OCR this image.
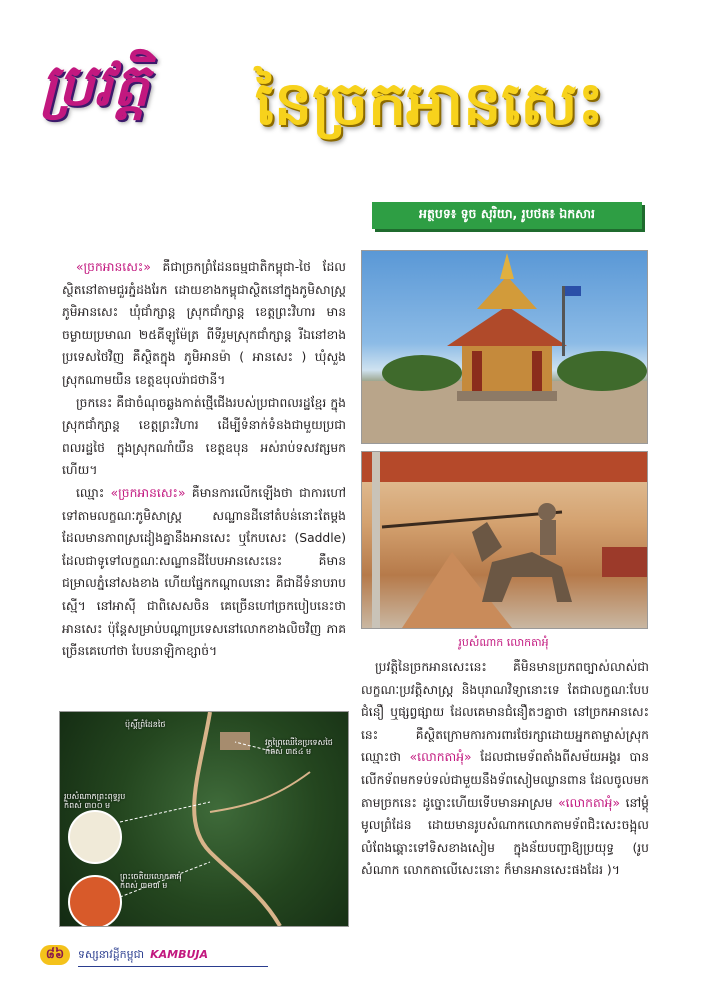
ប្រវត្តិ នៃច្រកអានសេះ
អត្ថបទ៖ ទូច សុរិយា, រូបថត៖ ឯកសារ

«ច្រកអានសេះ» គឺជាច្រកព្រំដែនធម្មជាតិកម្ពុជា-ថៃ ដែលស្ថិតនៅតាមជួរភ្នំដងរែក ដោយខាងកម្ពុជាស្ថិតនៅក្នុងភូមិសាស្ត្រ ភូមិអានសេះ ឃុំជាំក្សាន្ត ស្រុកជាំក្សាន្ត ខេត្តព្រះវិហារ មានចម្ងាយប្រមាណ ២៥គីឡូម៉ែត្រ ពីទីរួមស្រុកជាំក្សាន្ត រីឯនៅខាងប្រទេសថៃវិញ គឺស្ថិតក្នុង ភូមិអានម៉ា ( អានសេះ ) ឃុំសួង ស្រុកណាមយឺន ខេត្តឧបុលរ៉ាជថានី។

ច្រកនេះ គឺជាចំណុចឆ្លងកាត់ថ្មើជើងរបស់ប្រជាពលរដ្ឋខ្មែរ ក្នុងស្រុកជាំក្សាន្ត ខេត្តព្រះវិហារ ដើម្បីទំនាក់ទំនងជាមួយប្រជាពលរដ្ឋថៃ ក្នុងស្រុកណាំយឺន ខេត្តឧបុន អស់រាប់ទសវត្សមកហើយ។

ឈ្មោះ «ច្រកអានសេះ» គឺមានការលើកឡើងថា ជាការហៅទៅតាមលក្ខណៈភូមិសាស្ត្រ សណ្ឋានដីនៅតំបន់នោះតែម្តង ដែលមានភាពស្រដៀងគ្នានឹងអានសេះ ឬកែបសេះ (Saddle) ដែលជាទូទៅលក្ខណៈសណ្ឋានដីបែបអានសេះនេះ គឺមានជម្រាលភ្នំនៅសងខាង ហើយផ្នែកកណ្តាលនោះ គឺជាដីទំនាបរាបស្មើ។ នៅអាស៊ី ជាពិសេសចិន គេច្រើនហៅច្រកបៀបនេះថា អានសេះ ប៉ុន្តែសម្រាប់បណ្តាប្រទេសនៅលោកខាងលិចវិញ ភាគច្រើនគេហៅថា បែបនាឡិកាខ្សាច់។

រូបសំណាក លោកតាអុំ

ប្រវត្តិនៃច្រកអានសេះនេះ គឺមិនមានប្រភពច្បាស់លាស់ជាលក្ខណៈប្រវត្តិសាស្ត្រ និងបុរាណវិទ្យានោះទេ តែជាលក្ខណៈបែបជំនឿ ឬផ្សព្វផ្សាយ ដែលគេមានជំនឿតៗគ្នាថា នៅច្រកអានសេះនេះ គឺស្ថិតក្រោមការការពារថែរក្សាដោយអ្នកតាម្ចាស់ស្រុក ឈ្មោះថា «លោកតាអុំ» ដែលជាមេទ័ពតាំងពីសម័យអង្គរ បានលើកទ័ពមកទប់ទល់ជាមួយនឹងទ័ពសៀមឈ្លានពាន ដែលចូលមកតាមច្រកនេះ ដូច្នោះហើយទើបមានអាស្រម «លោកតាអុំ» នៅម្តុំមូលព្រំដែន ដោយមានរូបសំណាកលោកតាមទ័ពជិះសេះចង្អុលលំពែងឆ្ពោះទៅទិសខាងសៀម ក្នុងន័យបញ្ជាឱ្យប្រយុទ្ធ (រូបសំណាក លោកតាលើសេះនោះ ក៏មានអានសេះផងដែរ )។

ប៉ុស្តិ៍ព្រំដែនថៃ
វត្តព្រៃឈើនៃប្រទេសថៃ
កំពស់ ៣៥៤ ម
រូបសំណាកព្រះពុទ្ធរូប
កំពស់ ៣០០ ម
ព្រះចេតិយលោកតាអុំ
កំពស់ ៣០៣ ម
៨៦	ទស្សនាវដ្តីកម្ពុជា KAMBUJA
